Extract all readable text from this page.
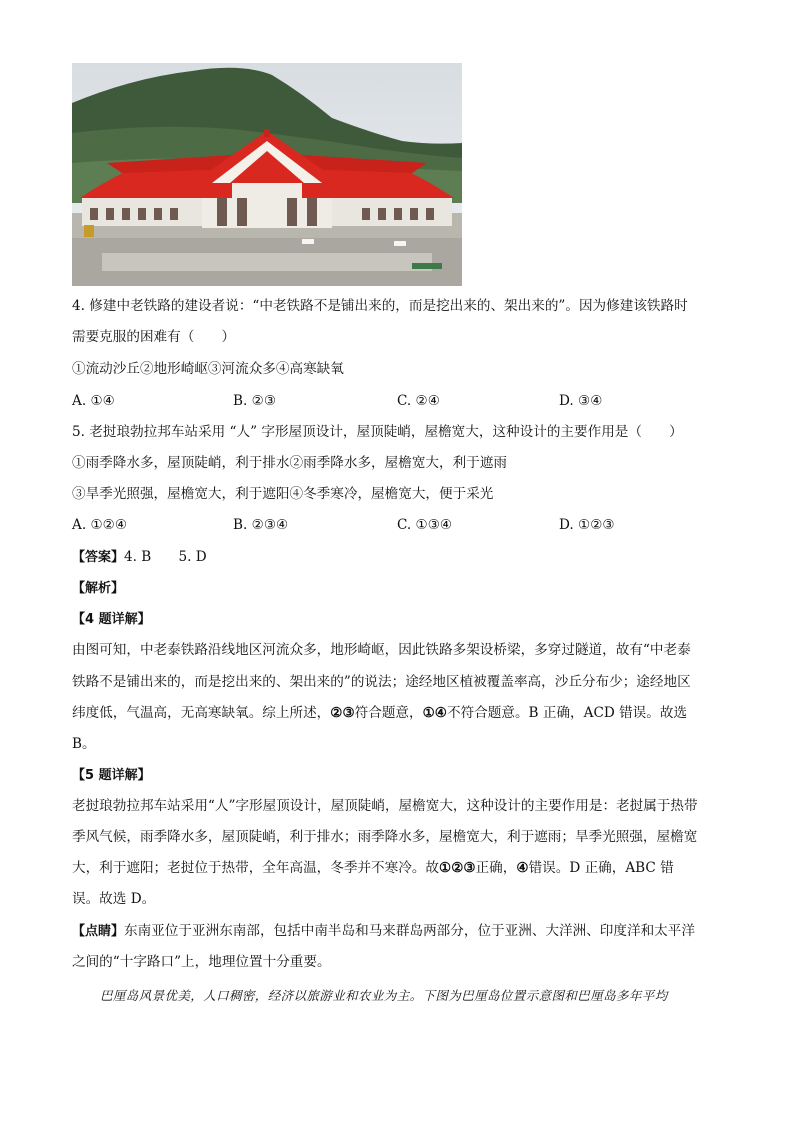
4. 修建中老铁路的建设者说：“中老铁路不是铺出来的，而是挖出来的、架出来的”。因为修建该铁路时
需要克服的困难有（　　）
①流动沙丘②地形崎岖③河流众多④高寒缺氧
A. ①④	B. ②③	C. ②④	D. ③④
5. 老挝琅勃拉邦车站采用 “人” 字形屋顶设计，屋顶陡峭，屋檐宽大，这种设计的主要作用是（　　）
①雨季降水多，屋顶陡峭，利于排水②雨季降水多，屋檐宽大，利于遮雨
③旱季光照强，屋檐宽大，利于遮阳④冬季寒冷，屋檐宽大，便于采光
A. ①②④	B. ②③④	C. ①③④	D. ①②③
【答案】4. B　　5. D
【解析】
【4 题详解】
由图可知，中老泰铁路沿线地区河流众多，地形崎岖，因此铁路多架设桥梁，多穿过隧道，故有“中老泰
铁路不是铺出来的，而是挖出来的、架出来的”的说法；途经地区植被覆盖率高，沙丘分布少；途经地区
纬度低，气温高，无高寒缺氧。综上所述，②③符合题意，①④不符合题意。B 正确，ACD 错误。故选
B。
【5 题详解】
老挝琅勃拉邦车站采用“人”字形屋顶设计，屋顶陡峭，屋檐宽大，这种设计的主要作用是：老挝属于热带
季风气候，雨季降水多，屋顶陡峭，利于排水；雨季降水多，屋檐宽大，利于遮雨；旱季光照强，屋檐宽
大，利于遮阳；老挝位于热带，全年高温，冬季并不寒冷。故①②③正确，④错误。D 正确，ABC 错
误。故选 D。
【点睛】东南亚位于亚洲东南部，包括中南半岛和马来群岛两部分，位于亚洲、大洋洲、印度洋和太平洋
之间的“十字路口”上，地理位置十分重要。
巴厘岛风景优美，人口稠密，经济以旅游业和农业为主。下图为巴厘岛位置示意图和巴厘岛多年平均
